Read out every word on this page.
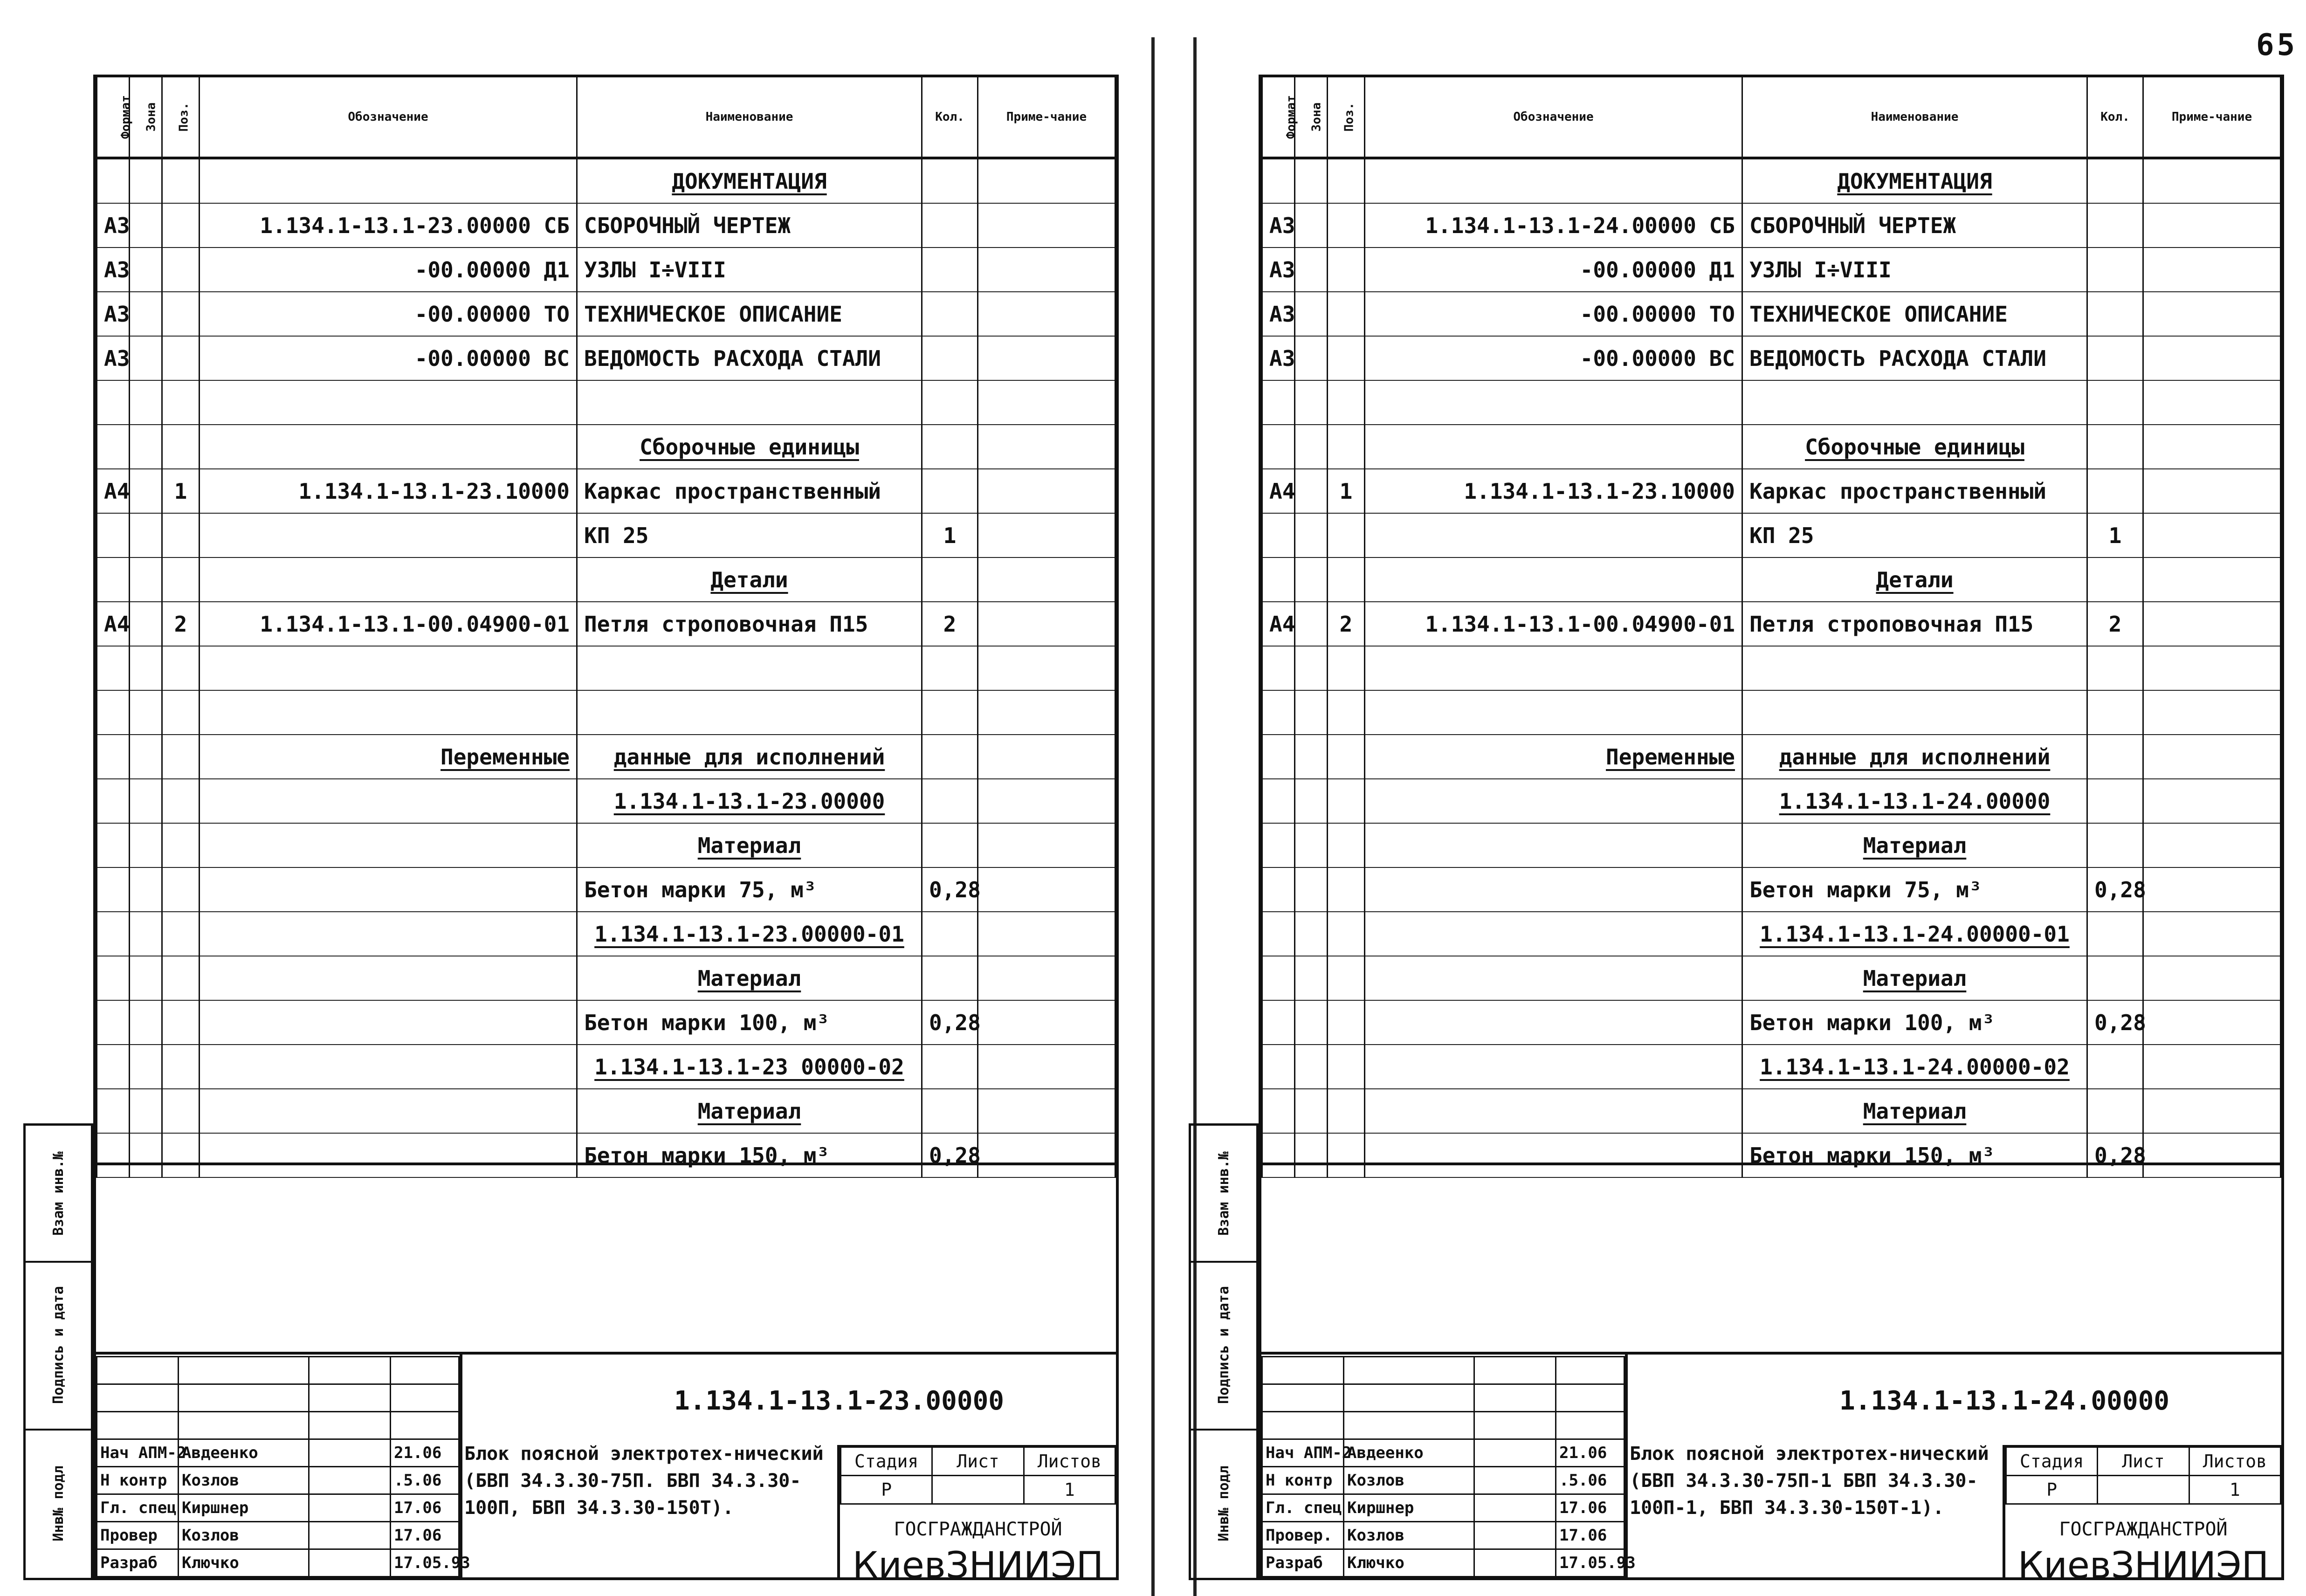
65
Взам инв.№
Подпись и дата
Инв№ подл
Формат	Зона	Поз.	Обозначение	Наименование	Кол.	Приме-чание
				ДОКУМЕНТАЦИЯ		
А3			1.134.1-13.1-23.00000 СБ	СБОРОЧНЫЙ ЧЕРТЕЖ		
А3			-00.00000 Д1	УЗЛЫ I÷VIII		
А3			-00.00000 ТО	ТЕХНИЧЕСКОЕ ОПИСАНИЕ		
А3			-00.00000 ВС	ВЕДОМОСТЬ РАСХОДА СТАЛИ		

				Сборочные единицы		
А4		1	1.134.1-13.1-23.10000	Каркас пространственный		
				КП 25	1	
				Детали		
А4		2	1.134.1-13.1-00.04900-01	Петля строповочная П15	2	

			Переменные	данные для исполнений		
				1.134.1-13.1-23.00000		
				Материал		
				Бетон марки 75, м³	0,28	
				1.134.1-13.1-23.00000-01		
				Материал		
				Бетон марки 100, м³	0,28	
				1.134.1-13.1-23 00000-02		
				Материал		
				Бетон марки 150, м³	0,28	

Нач АПМ-2	Авдеенко		21.06
Н контр	Козлов		.5.06
Гл. спец	Киршнер		17.06
Провер	Козлов		17.06
Разраб	Ключко		17.05.93
1.134.1-13.1-23.00000
Блок поясной электротех-нический (БВП 34.3.30-75П. БВП 34.3.30-100П, БВП 34.3.30-150Т).
Стадия	Лист	Листов
Р		1
ГОСГРАЖДАНСТРОЙ
КиевЗНИИЭП
Взам инв.№
Подпись и дата
Инв№ подл
Формат	Зона	Поз.	Обозначение	Наименование	Кол.	Приме-чание
				ДОКУМЕНТАЦИЯ		
А3			1.134.1-13.1-24.00000 СБ	СБОРОЧНЫЙ ЧЕРТЕЖ		
А3			-00.00000 Д1	УЗЛЫ I÷VIII		
А3			-00.00000 ТО	ТЕХНИЧЕСКОЕ ОПИСАНИЕ		
А3			-00.00000 ВС	ВЕДОМОСТЬ РАСХОДА СТАЛИ		

				Сборочные единицы		
А4		1	1.134.1-13.1-23.10000	Каркас пространственный		
				КП 25	1	
				Детали		
А4		2	1.134.1-13.1-00.04900-01	Петля строповочная П15	2	

			Переменные	данные для исполнений		
				1.134.1-13.1-24.00000		
				Материал		
				Бетон марки 75, м³	0,28	
				1.134.1-13.1-24.00000-01		
				Материал		
				Бетон марки 100, м³	0,28	
				1.134.1-13.1-24.00000-02		
				Материал		
				Бетон марки 150, м³	0,28	

Нач АПМ-2	Авдеенко		21.06
Н контр	Козлов		.5.06
Гл. спец	Киршнер		17.06
Провер.	Козлов		17.06
Разраб	Ключко		17.05.93
1.134.1-13.1-24.00000
Блок поясной электротех-нический (БВП 34.3.30-75П-1 БВП 34.3.30-100П-1, БВП 34.3.30-150Т-1).
Стадия	Лист	Листов
Р		1
ГОСГРАЖДАНСТРОЙ
КиевЗНИИЭП
